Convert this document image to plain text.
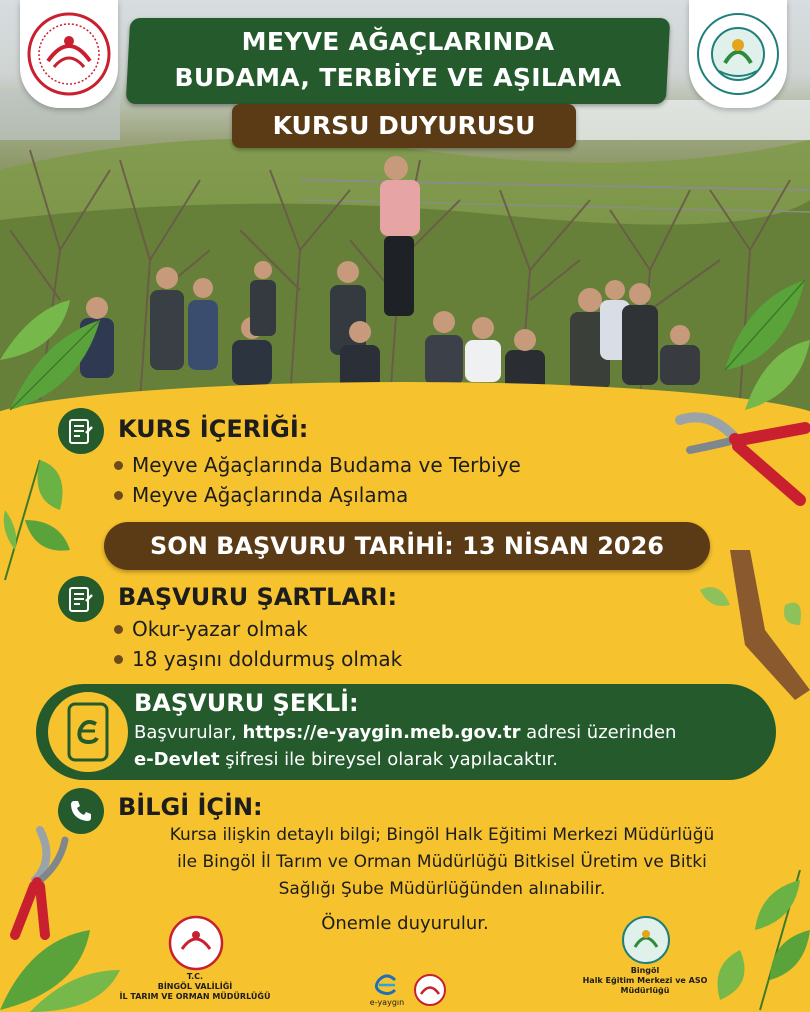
MEYVE AĞAÇLARINDA
BUDAMA, TERBİYE VE AŞILAMA
KURSU DUYURUSU
KURS İÇERİĞİ:
Meyve Ağaçlarında Budama ve Terbiye
Meyve Ağaçlarında Aşılama
SON BAŞVURU TARİHİ: 13 NİSAN 2026
BAŞVURU ŞARTLARI:
Okur-yazar olmak
18 yaşını doldurmuş olmak
BAŞVURU ŞEKLİ:
Başvurular, https://e-yaygin.meb.gov.tr adresi üzerinden
e-Devlet şifresi ile bireysel olarak yapılacaktır.
BİLGİ İÇİN:
Kursa ilişkin detaylı bilgi; Bingöl Halk Eğitimi Merkezi Müdürlüğü
ile Bingöl İl Tarım ve Orman Müdürlüğü Bitkisel Üretim ve Bitki
Sağlığı Şube Müdürlüğünden alınabilir.
Önemle duyurulur.
T.C.
BİNGÖL VALİLİĞİ
İL TARIM VE ORMAN MÜDÜRLÜĞÜ
e-yaygın
Bingöl
Halk Eğitim Merkezi ve ASO Müdürlüğü
